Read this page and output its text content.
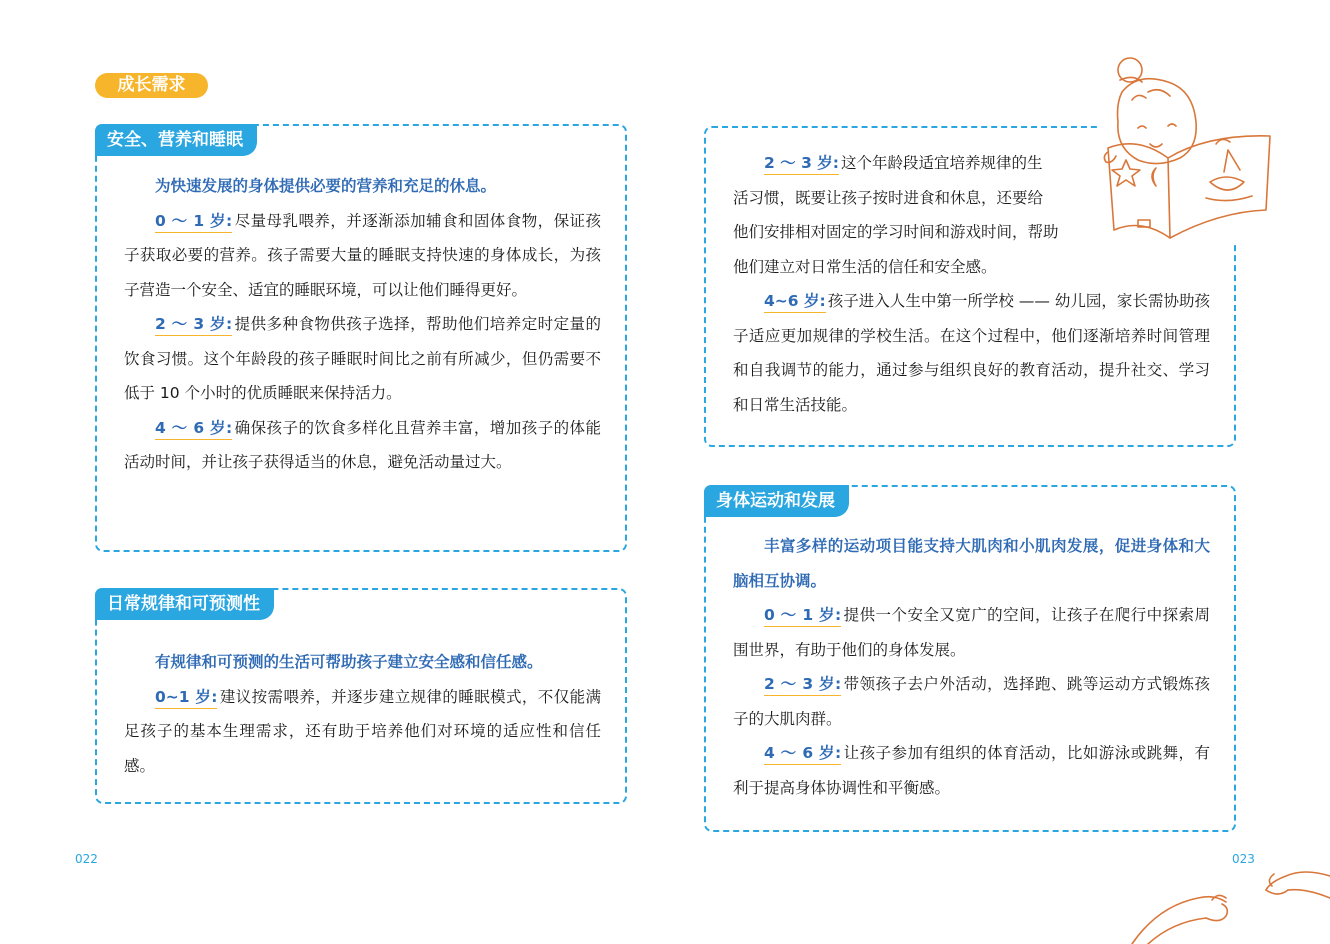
成长需求
安全、营养和睡眠

为快速发展的身体提供必要的营养和充足的休息。

0 ～ 1 岁: 尽量母乳喂养，并逐渐添加辅食和固体食物，保证孩子获取必要的营养。孩子需要大量的睡眠支持快速的身体成长，为孩子营造一个安全、适宜的睡眠环境，可以让他们睡得更好。

2 ～ 3 岁: 提供多种食物供孩子选择，帮助他们培养定时定量的饮食习惯。这个年龄段的孩子睡眠时间比之前有所减少，但仍需要不低于 10 个小时的优质睡眠来保持活力。

4 ～ 6 岁: 确保孩子的饮食多样化且营养丰富，增加孩子的体能活动时间，并让孩子获得适当的休息，避免活动量过大。

日常规律和可预测性

有规律和可预测的生活可帮助孩子建立安全感和信任感。

0~1 岁: 建议按需喂养，并逐步建立规律的睡眠模式，不仅能满足孩子的基本生理需求，还有助于培养他们对环境的适应性和信任感。

2 ～ 3 岁: 这个年龄段适宜培养规律的生
活习惯，既要让孩子按时进食和休息，还要给
他们安排相对固定的学习时间和游戏时间，帮助
他们建立对日常生活的信任和安全感。

4~6 岁: 孩子进入人生中第一所学校 —— 幼儿园，家长需协助孩子适应更加规律的学校生活。在这个过程中，他们逐渐培养时间管理和自我调节的能力，通过参与组织良好的教育活动，提升社交、学习和日常生活技能。

身体运动和发展

丰富多样的运动项目能支持大肌肉和小肌肉发展，促进身体和大脑相互协调。

0 ～ 1 岁: 提供一个安全又宽广的空间，让孩子在爬行中探索周围世界，有助于他们的身体发展。

2 ～ 3 岁: 带领孩子去户外活动，选择跑、跳等运动方式锻炼孩子的大肌肉群。

4 ～ 6 岁: 让孩子参加有组织的体育活动，比如游泳或跳舞，有利于提高身体协调性和平衡感。

022	023
